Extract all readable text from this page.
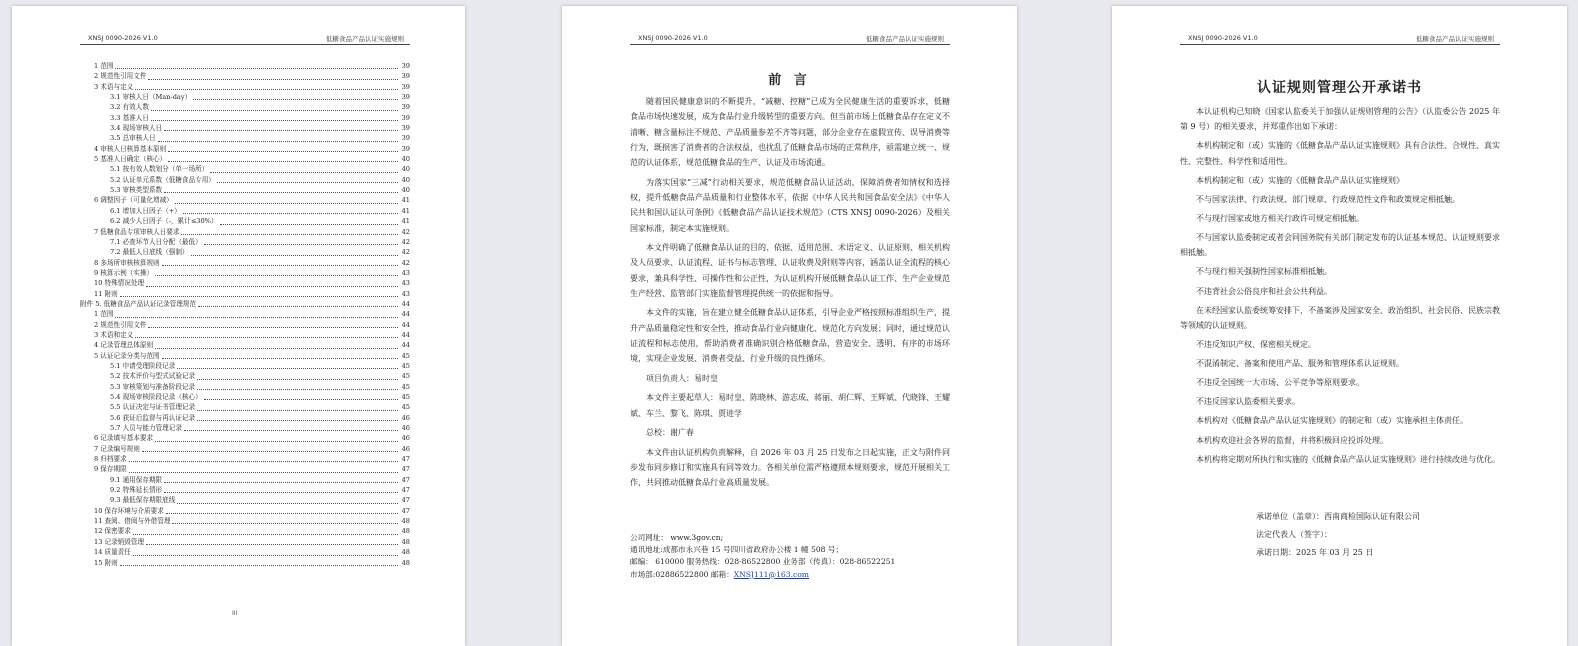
XNSJ 0090-2026 V1.0	低糖食品产品认证实施规则
1 范围	39
2 规范性引用文件	39
3 术语与定义	39
3.1 审核人日（Man-day）	39
3.2 有效人数	39
3.3 基准人日	39
3.4 现场审核人日	39
3.5 总审核人日	39
4 审核人日核算基本原则	39
5 基准人日确定（核心）	40
5.1 按有效人数划分（单一场所）	40
5.2 认证单元系数（低糖食品专用）	40
5.3 审核类型系数	40
6 调整因子（可量化增减）	41
6.1 增加人日因子（+）	41
6.2 减少人日因子（-，累计≤30%）	41
7 低糖食品专项审核人日要求	42
7.1 必查环节人日分配（最低）	42
7.2 最低人日底线（强制）	42
8 多场所审核核算规则	42
9 核算示例（实操）	43
10 特殊情况处理	43
11 附则	43
附件 5. 低糖食品产品认证记录管理规范	44
1 范围	44
2 规范性引用文件	44
3 术语和定义	44
4 记录管理总体原则	44
5 认证记录分类与范围	45
5.1 申请受理阶段记录	45
5.2 技术评价与型式试验记录	45
5.3 审核策划与准备阶段记录	45
5.4 现场审核阶段记录（核心）	45
5.5 认证决定与证书管理记录	45
5.6 获证后监督与再认证记录	46
5.7 人员与能力管理记录	46
6 记录填写基本要求	46
7 记录编号规则	46
8 归档要求	47
9 保存期限	47
9.1 通用保存期限	47
9.2 特殊延长情形	47
9.3 最低保存期限底线	47
10 保存环境与介质要求	47
11 查阅、借阅与外借管理	48
12 保密要求	48
13 记录销毁管理	48
14 质量责任	48
15 附则	48
III
XNSJ 0090-2026 V1.0	低糖食品产品认证实施规则
前 言

随着国民健康意识的不断提升，“减糖、控糖”已成为全民健康生活的重要诉求，低糖食品市场快速发展，成为食品行业升级转型的重要方向。但当前市场上低糖食品存在定义不清晰、糖含量标注不规范、产品质量参差不齐等问题，部分企业存在虚假宣传、误导消费等行为，既损害了消费者的合法权益，也扰乱了低糖食品市场的正常秩序，亟需建立统一、规范的认证体系，规范低糖食品的生产、认证及市场流通。

为落实国家“三减”行动相关要求，规范低糖食品认证活动，保障消费者知情权和选择权，提升低糖食品产品质量和行业整体水平，依据《中华人民共和国食品安全法》《中华人民共和国认证认可条例》《低糖食品产品认证技术规范》（CTS XNSJ 0090-2026）及相关国家标准，制定本实施规则。

本文件明确了低糖食品认证的目的、依据、适用范围、术语定义、认证原则、相关机构及人员要求、认证流程、证书与标志管理、认证收费及附则等内容，涵盖认证全流程的核心要求，兼具科学性、可操作性和公正性，为认证机构开展低糖食品认证工作、生产企业规范生产经营、监管部门实施监督管理提供统一的依据和指导。

本文件的实施，旨在建立健全低糖食品认证体系，引导企业严格按照标准组织生产，提升产品质量稳定性和安全性，推动食品行业向健康化、规范化方向发展；同时，通过规范认证流程和标志使用，帮助消费者准确识别合格低糖食品，营造安全、透明、有序的市场环境，实现企业发展、消费者受益、行业升级的良性循环。

项目负责人：易时皇

本文件主要起草人：易时皇、陈晓林、游志成、蒋丽、胡仁辉、王辉斌、代晓锋、王耀斌、车兰、黎飞、陈琪、贾进学

总校：谢广春

本文件由认证机构负责解释，自 2026 年 03 月 25 日发布之日起实施，正文与附件同步发布同步修订和实施具有同等效力。各相关单位需严格遵照本规则要求，规范开展相关工作，共同推动低糖食品行业高质量发展。

公司网址： www.3gov.cn;
通讯地址:成都市永兴巷 15 号四川省政府办公楼 1 幢 508 号；
邮编： 610000 服务热线：028-86522800 业务部（传真）：028-86522251
市场部:02886522800 邮箱：XNSJ111@163.com
XNSJ 0090-2026 V1.0	低糖食品产品认证实施规则
认证规则管理公开承诺书

本认证机构已知晓《国家认监委关于加强认证规则管理的公告》（认监委公告 2025 年第 9 号）的相关要求，并郑重作出如下承诺：

本机构制定和（或）实施的《低糖食品产品认证实施规则》具有合法性、合规性、真实性、完整性、科学性和适用性。

本机构制定和（或）实施的《低糖食品产品认证实施规则》

不与国家法律、行政法规、部门规章、行政规范性文件和政策规定相抵触。

不与现行国家或地方相关行政许可规定相抵触。

不与国家认监委制定或者会同国务院有关部门制定发布的认证基本规范、认证规则要求相抵触。

不与现行相关强制性国家标准相抵触。

不违背社会公俗良序和社会公共利益。

在未经国家认监委统筹安排下，不备案涉及国家安全、政治组织、社会民俗、民族宗教等领域的认证规则。

不违反知识产权、保密相关规定。

不混淆制定、备案和使用产品、服务和管理体系认证规则。

不违反全国统一大市场、公平竞争等原则要求。

不违反国家认监委相关要求。

本机构对《低糖食品产品认证实施规则》的制定和（或）实施承担主体责任。

本机构欢迎社会各界的监督，并将积极回应投诉处理。

本机构将定期对所执行和实施的《低糖食品产品认证实施规则》进行持续改进与优化。

承诺单位（盖章）：西南商检国际认证有限公司
法定代表人（签字）：
承诺日期：2025 年 03 月 25 日
